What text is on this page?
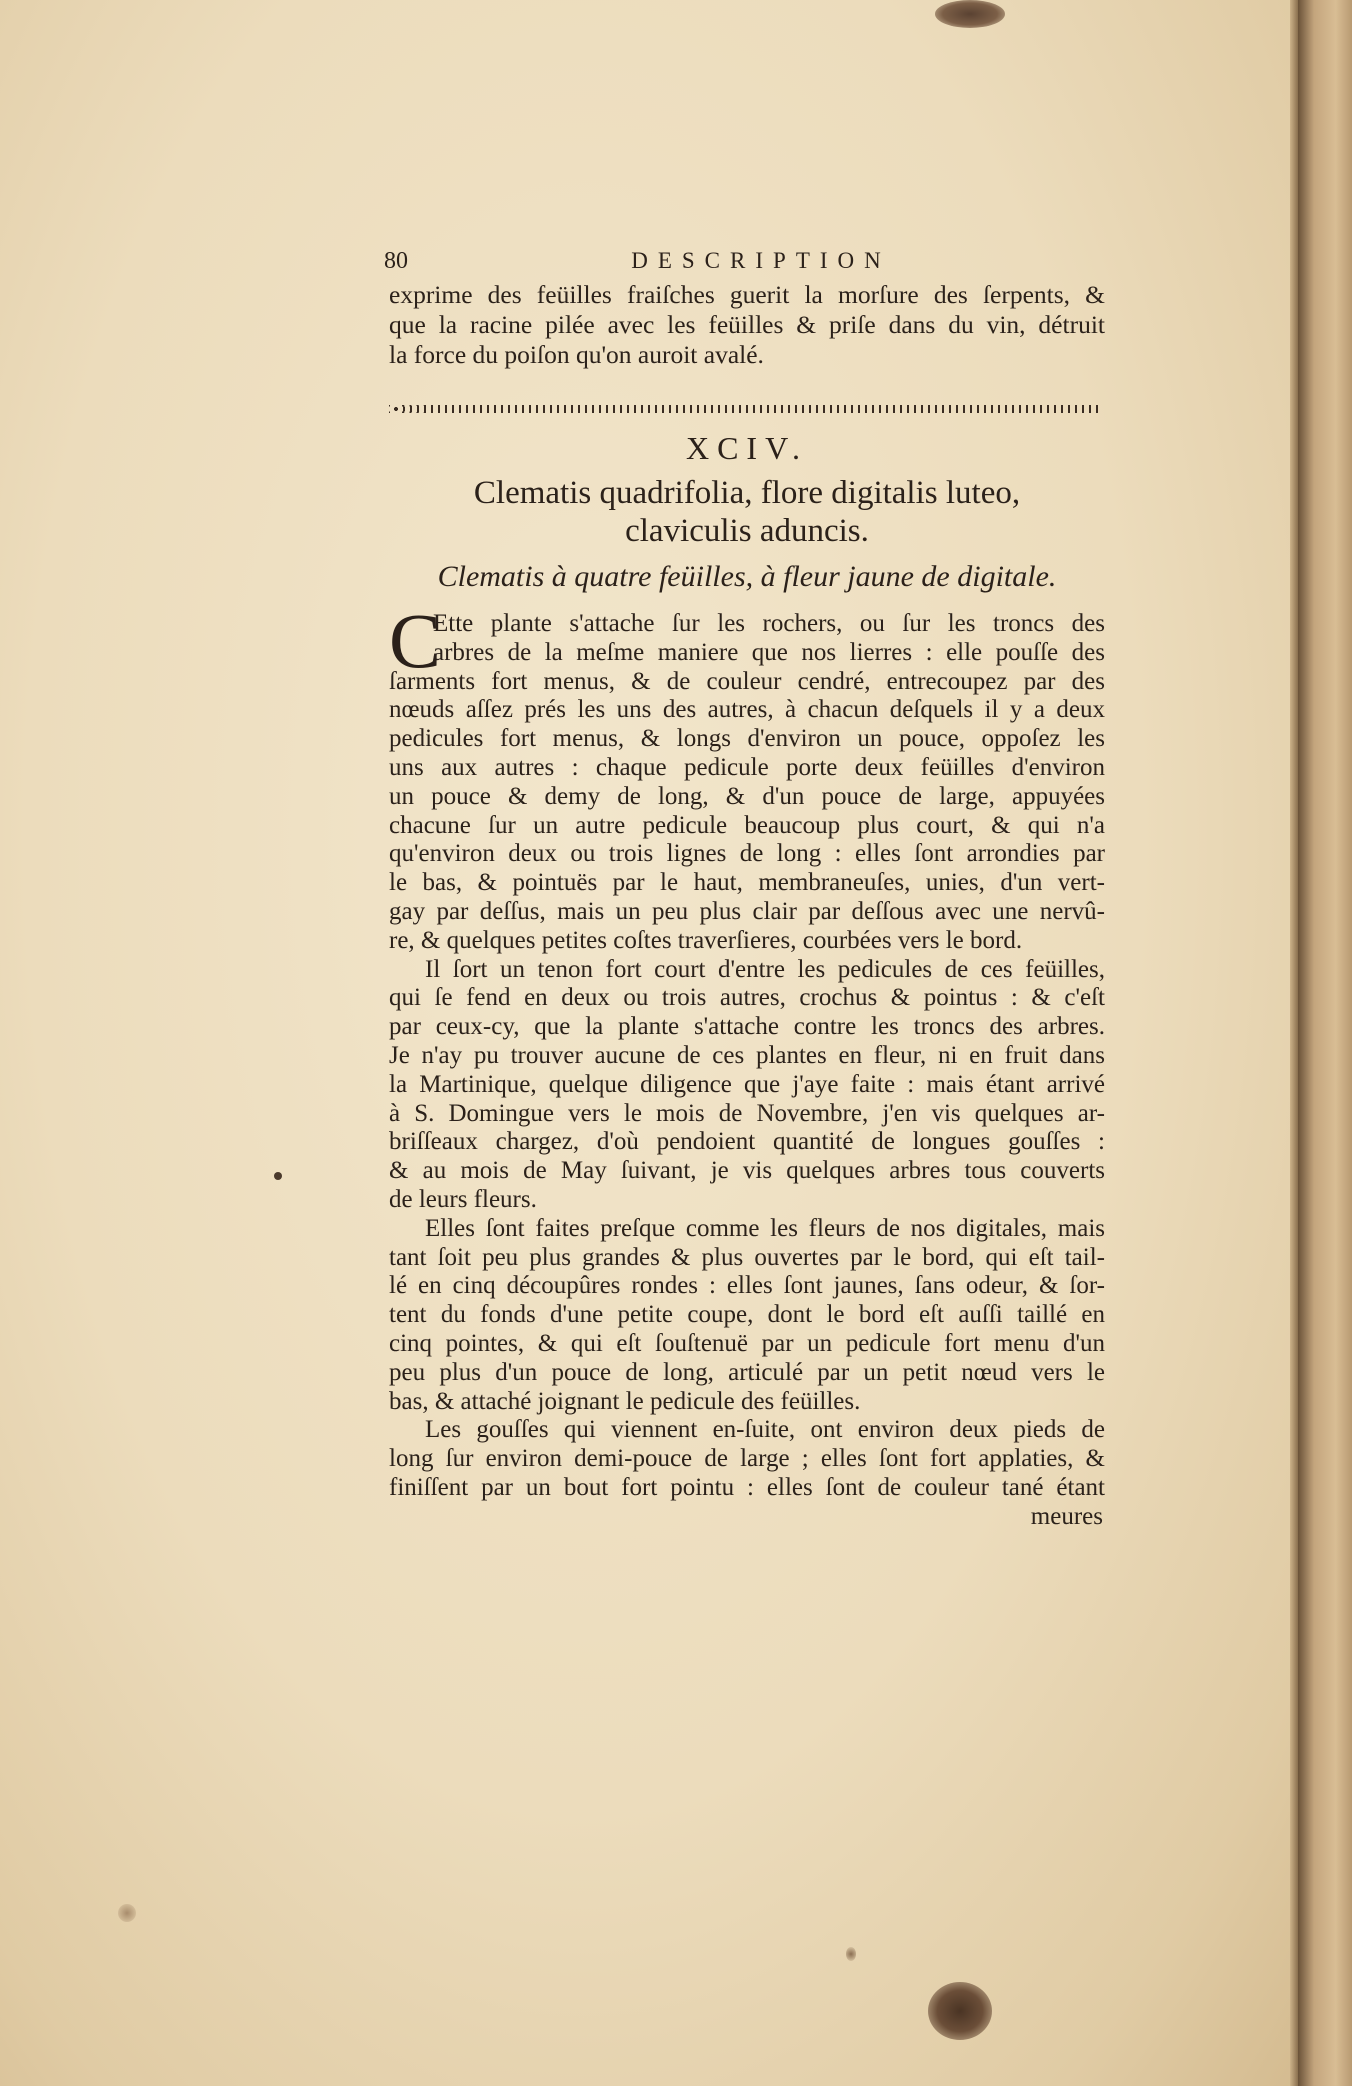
80	DESCRIPTION
exprime des feüilles fraiſches guerit la morſure des ſerpents, &
que la racine pilée avec les feüilles & priſe dans du vin, détruit
la force du poiſon qu'on auroit avalé.
XCIV.
Clematis quadrifolia, flore digitalis luteo,
claviculis aduncis.
Clematis à quatre feüilles, à fleur jaune de digitale.
C
Ette plante s'attache ſur les rochers, ou ſur les troncs des
arbres de la meſme maniere que nos lierres : elle pouſſe des
ſarments fort menus, & de couleur cendré, entrecoupez par des
nœuds aſſez prés les uns des autres, à chacun deſquels il y a deux
pedicules fort menus, & longs d'environ un pouce, oppoſez les
uns aux autres : chaque pedicule porte deux feüilles d'environ
un pouce & demy de long, & d'un pouce de large, appuyées
chacune ſur un autre pedicule beaucoup plus court, & qui n'a
qu'environ deux ou trois lignes de long : elles ſont arrondies par
le bas, & pointuës par le haut, membraneuſes, unies, d'un vert-
gay par deſſus, mais un peu plus clair par deſſous avec une nervû-
re, & quelques petites coſtes traverſieres, courbées vers le bord.
Il ſort un tenon fort court d'entre les pedicules de ces feüilles,
qui ſe fend en deux ou trois autres, crochus & pointus : & c'eſt
par ceux-cy, que la plante s'attache contre les troncs des arbres.
Je n'ay pu trouver aucune de ces plantes en fleur, ni en fruit dans
la Martinique, quelque diligence que j'aye faite : mais étant arrivé
à S. Domingue vers le mois de Novembre, j'en vis quelques ar-
briſſeaux chargez, d'où pendoient quantité de longues gouſſes :
& au mois de May ſuivant, je vis quelques arbres tous couverts
de leurs fleurs.
Elles ſont faites preſque comme les fleurs de nos digitales, mais
tant ſoit peu plus grandes & plus ouvertes par le bord, qui eſt tail-
lé en cinq découpûres rondes : elles ſont jaunes, ſans odeur, & ſor-
tent du fonds d'une petite coupe, dont le bord eſt auſſi taillé en
cinq pointes, & qui eſt ſouſtenuë par un pedicule fort menu d'un
peu plus d'un pouce de long, articulé par un petit nœud vers le
bas, & attaché joignant le pedicule des feüilles.
Les gouſſes qui viennent en-ſuite, ont environ deux pieds de
long ſur environ demi-pouce de large ; elles ſont fort applaties, &
finiſſent par un bout fort pointu : elles ſont de couleur tané étant
meures
